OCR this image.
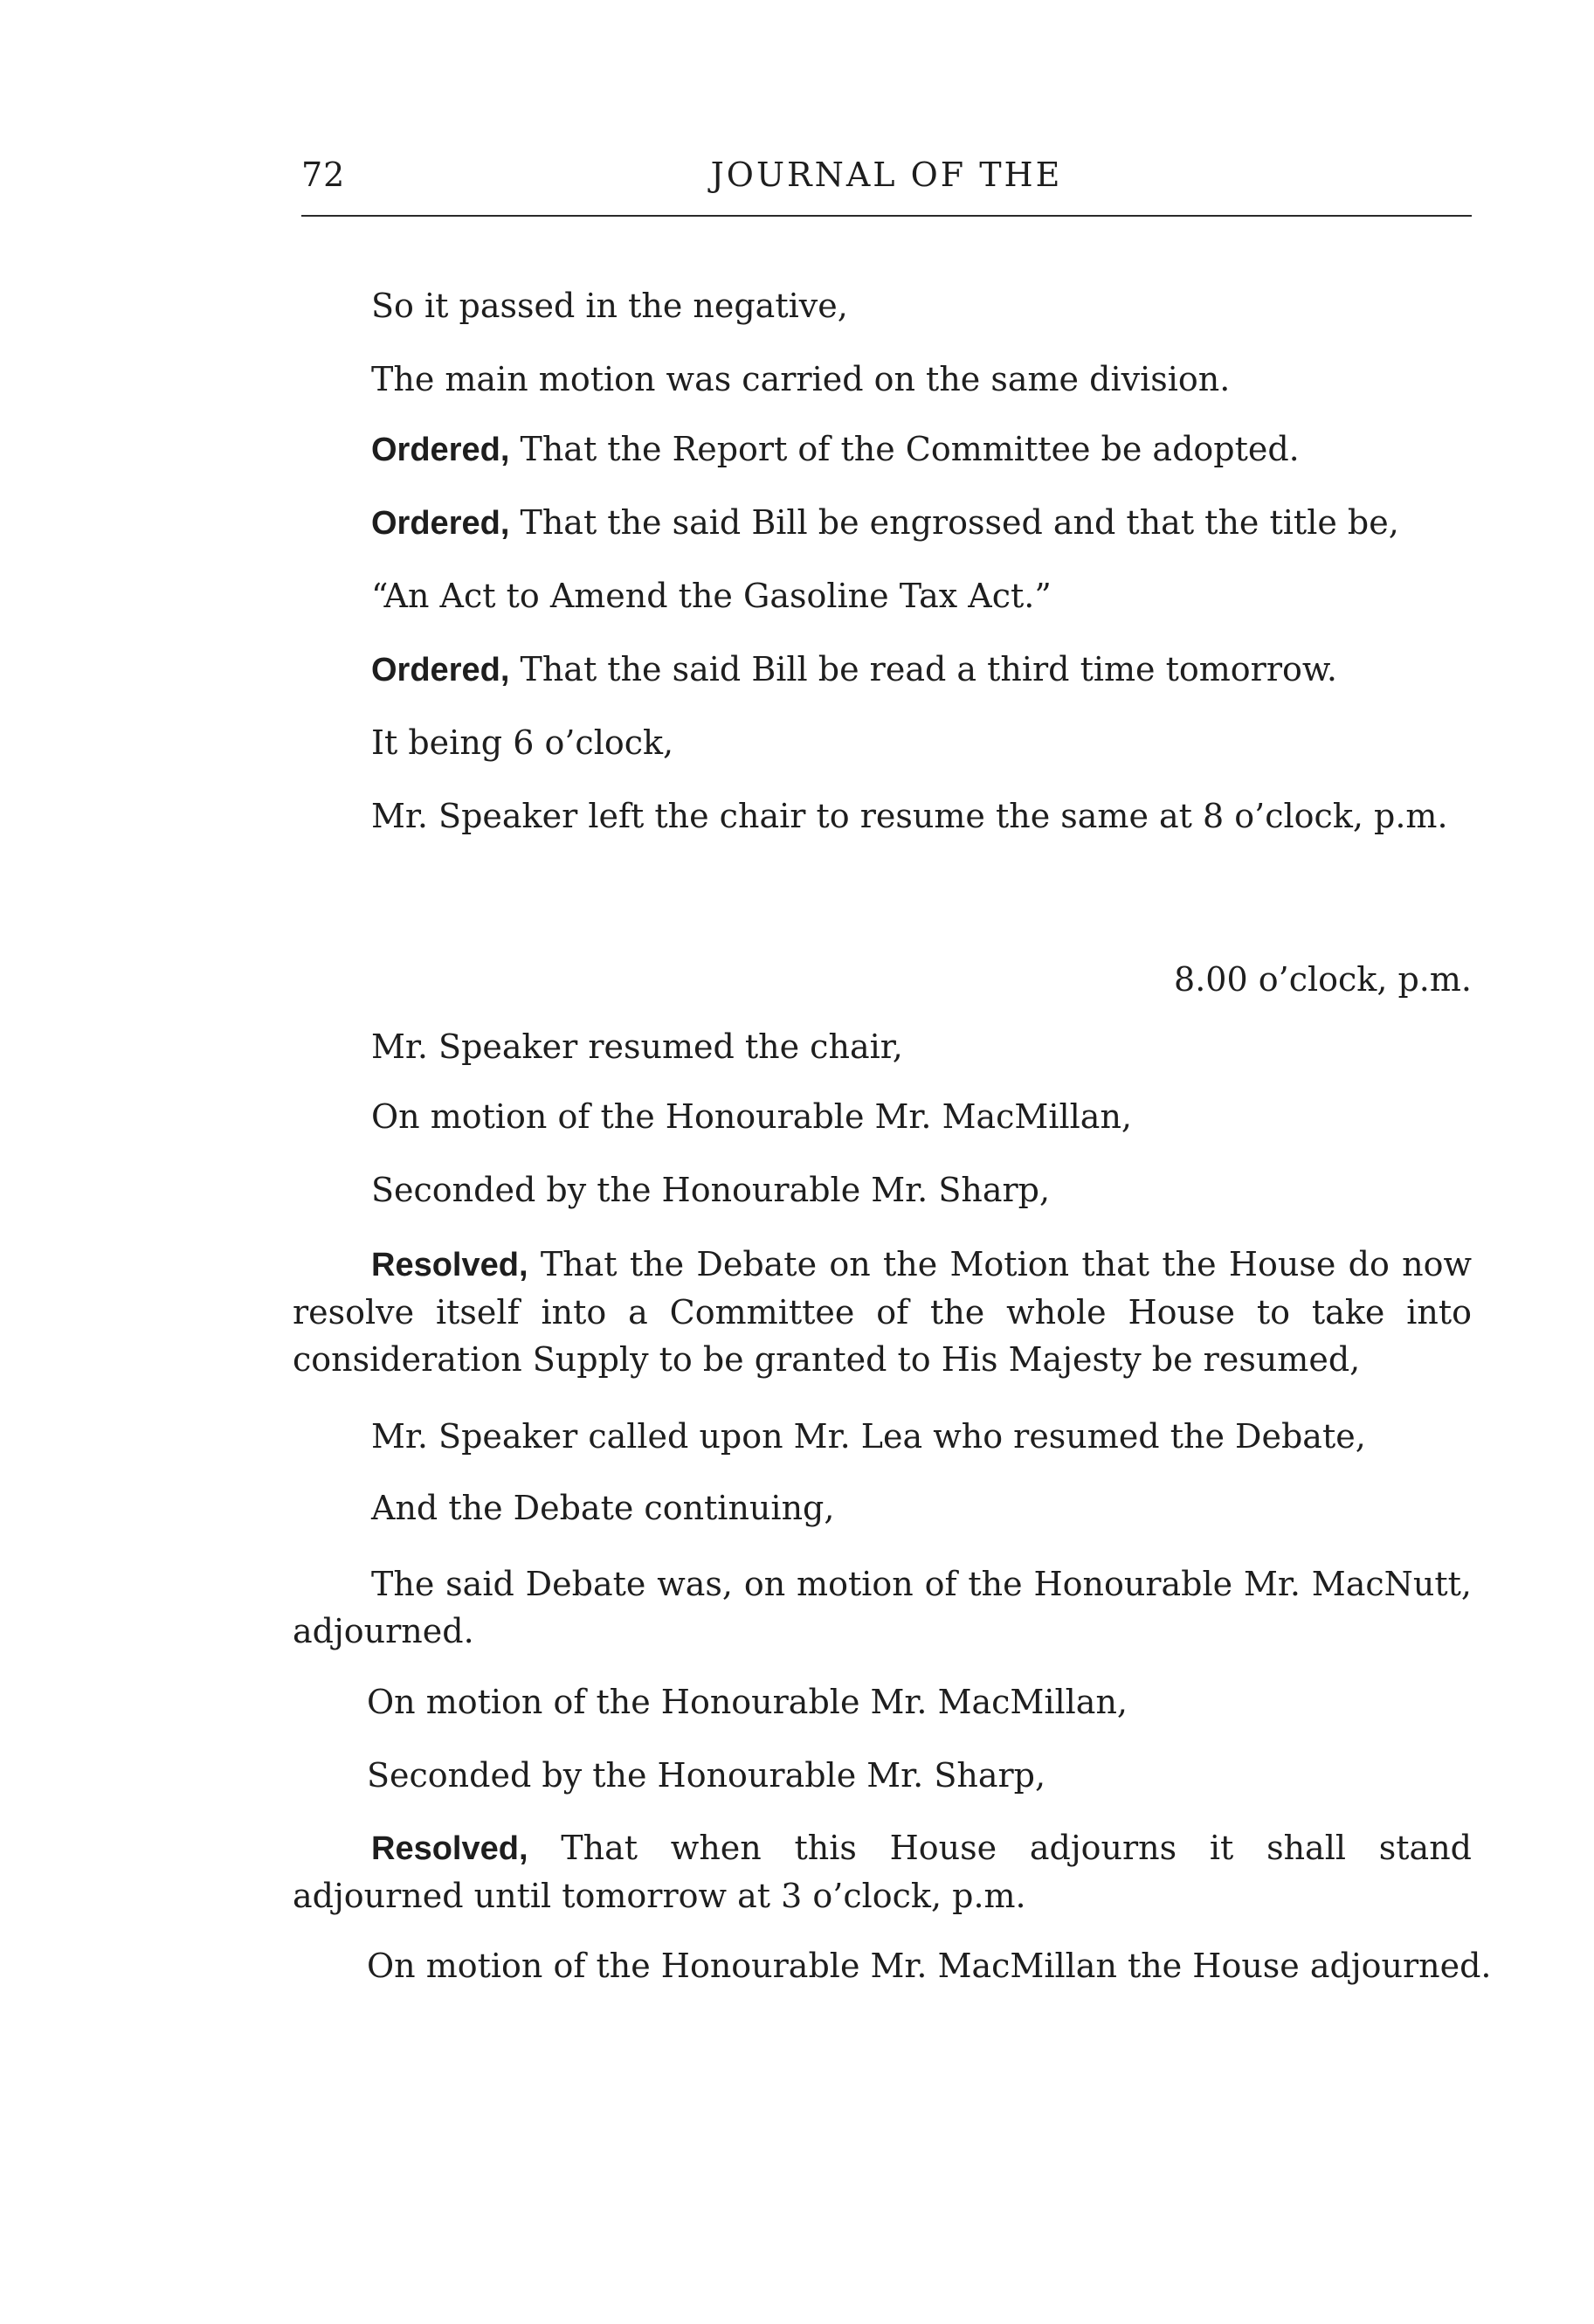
72	JOURNAL OF THE
So it passed in the negative,
The main motion was carried on the same division.
Ordered, That the Report of the Committee be adopted.
Ordered, That the said Bill be engrossed and that the title be,
“An Act to Amend the Gasoline Tax Act.”
Ordered, That the said Bill be read a third time tomorrow.
It being 6 o’clock,
Mr. Speaker left the chair to resume the same at 8 o’clock, p.m.
8.00 o’clock, p.m.
Mr. Speaker resumed the chair,
On motion of the Honourable Mr. MacMillan,
Seconded by the Honourable Mr. Sharp,
Resolved, That the Debate on the Motion that the House do now resolve itself into a Committee of the whole House to take into consideration Supply to be granted to His Majesty be resumed,
Mr. Speaker called upon Mr. Lea who resumed the Debate,
And the Debate continuing,
The said Debate was, on motion of the Honourable Mr. MacNutt, adjourned.
On motion of the Honourable Mr. MacMillan,
Seconded by the Honourable Mr. Sharp,
Resolved, That when this House adjourns it shall stand adjourned until tomorrow at 3 o’clock, p.m.
On motion of the Honourable Mr. MacMillan the House adjourned.
